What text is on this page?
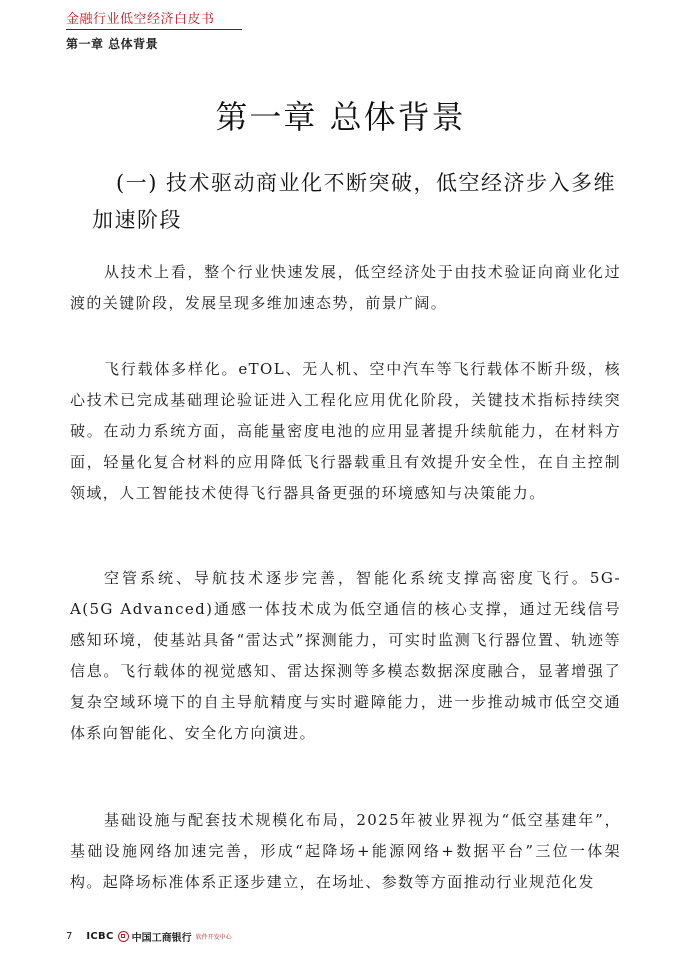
金融行业低空经济白皮书
第一章 总体背景
第一章 总体背景
(一) 技术驱动商业化不断突破，低空经济步入多维加速阶段

从技术上看，整个行业快速发展，低空经济处于由技术验证向商业化过渡的关键阶段，发展呈现多维加速态势，前景广阔。

飞行载体多样化。eTOL、无人机、空中汽车等飞行载体不断升级，核心技术已完成基础理论验证进入工程化应用优化阶段，关键技术指标持续突破。在动力系统方面，高能量密度电池的应用显著提升续航能力，在材料方面，轻量化复合材料的应用降低飞行器载重且有效提升安全性，在自主控制领域，人工智能技术使得飞行器具备更强的环境感知与决策能力。

空管系统、导航技术逐步完善，智能化系统支撑高密度飞行。5G-A(5G Advanced)通感一体技术成为低空通信的核心支撑，通过无线信号感知环境，使基站具备“雷达式”探测能力，可实时监测飞行器位置、轨迹等信息。飞行载体的视觉感知、雷达探测等多模态数据深度融合，显著增强了复杂空域环境下的自主导航精度与实时避障能力，进一步推动城市低空交通体系向智能化、安全化方向演进。

基础设施与配套技术规模化布局，2025年被业界视为“低空基建年”，基础设施网络加速完善，形成“起降场+能源网络+数据平台”三位一体架构。起降场标准体系正逐步建立，在场址、参数等方面推动行业规范化发

7 ICBC 中国工商银行 软件开发中心
